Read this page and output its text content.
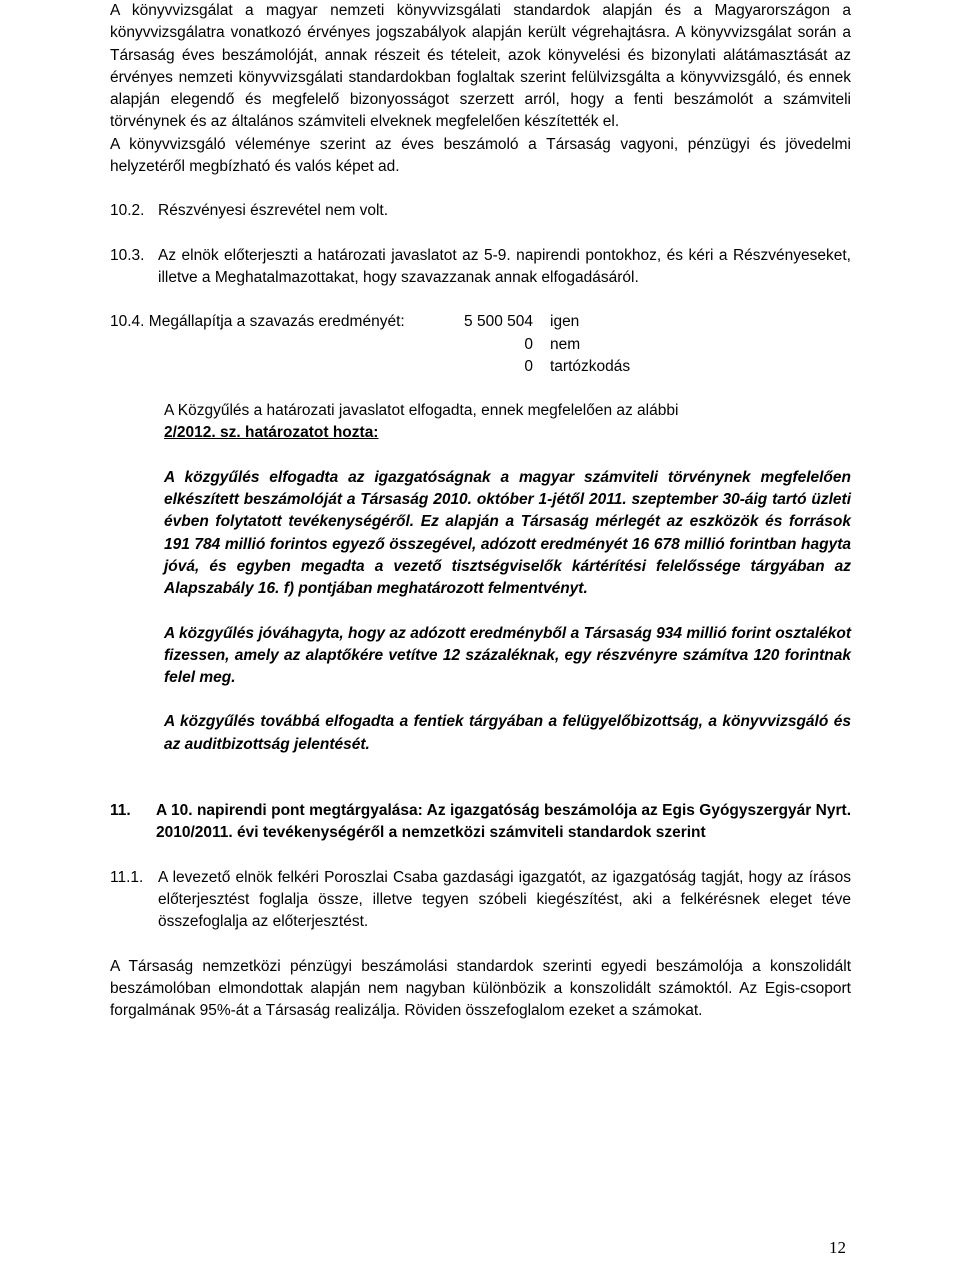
A könyvvizsgálat a magyar nemzeti könyvvizsgálati standardok alapján és a Magyarországon a könyvvizsgálatra vonatkozó érvényes jogszabályok alapján került végrehajtásra. A könyvvizsgálat során a Társaság éves beszámolóját, annak részeit és tételeit, azok könyvelési és bizonylati alátámasztását az érvényes nemzeti könyvvizsgálati standardokban foglaltak szerint felülvizsgálta a könyvvizsgáló, és ennek alapján elegendő és megfelelő bizonyosságot szerzett arról, hogy a fenti beszámolót a számviteli törvénynek és az általános számviteli elveknek megfelelően készítették el.

A könyvvizsgáló véleménye szerint az éves beszámoló a Társaság vagyoni, pénzügyi és jövedelmi helyzetéről megbízható és valós képet ad.

10.2. Részvényesi észrevétel nem volt.
10.3. Az elnök előterjeszti a határozati javaslatot az 5-9. napirendi pontokhoz, és kéri a Részvényeseket, illetve a Meghatalmazottakat, hogy szavazzanak annak elfogadásáról.
10.4. Megállapítja a szavazás eredményét:	5 500 504	igen
0	nem
0	tartózkodás

A Közgyűlés a határozati javaslatot elfogadta, ennek megfelelően az alábbi

2/2012. sz. határozatot hozta:

A közgyűlés elfogadta az igazgatóságnak a magyar számviteli törvénynek megfelelően elkészített beszámolóját a Társaság 2010. október 1-jétől 2011. szeptember 30-áig tartó üzleti évben folytatott tevékenységéről. Ez alapján a Társaság mérlegét az eszközök és források 191 784 millió forintos egyező összegével, adózott eredményét 16 678 millió forintban hagyta jóvá, és egyben megadta a vezető tisztségviselők kártérítési felelőssége tárgyában az Alapszabály 16. f) pontjában meghatározott felmentvényt.

A közgyűlés jóváhagyta, hogy az adózott eredményből a Társaság 934 millió forint osztalékot fizessen, amely az alaptőkére vetítve 12 százaléknak, egy részvényre számítva 120 forintnak felel meg.

A közgyűlés továbbá elfogadta a fentiek tárgyában a felügyelőbizottság, a könyvvizsgáló és az auditbizottság jelentését.

11.	A 10. napirendi pont megtárgyalása: Az igazgatóság beszámolója az Egis Gyógyszergyár Nyrt. 2010/2011. évi tevékenységéről a nemzetközi számviteli standardok szerint
11.1. A levezető elnök felkéri Poroszlai Csaba gazdasági igazgatót, az igazgatóság tagját, hogy az írásos előterjesztést foglalja össze, illetve tegyen szóbeli kiegészítést, aki a felkérésnek eleget téve összefoglalja az előterjesztést.

A Társaság nemzetközi pénzügyi beszámolási standardok szerinti egyedi beszámolója a konszolidált beszámolóban elmondottak alapján nem nagyban különbözik a konszolidált számoktól. Az Egis-csoport forgalmának 95%-át a Társaság realizálja. Röviden összefoglalom ezeket a számokat.

12
